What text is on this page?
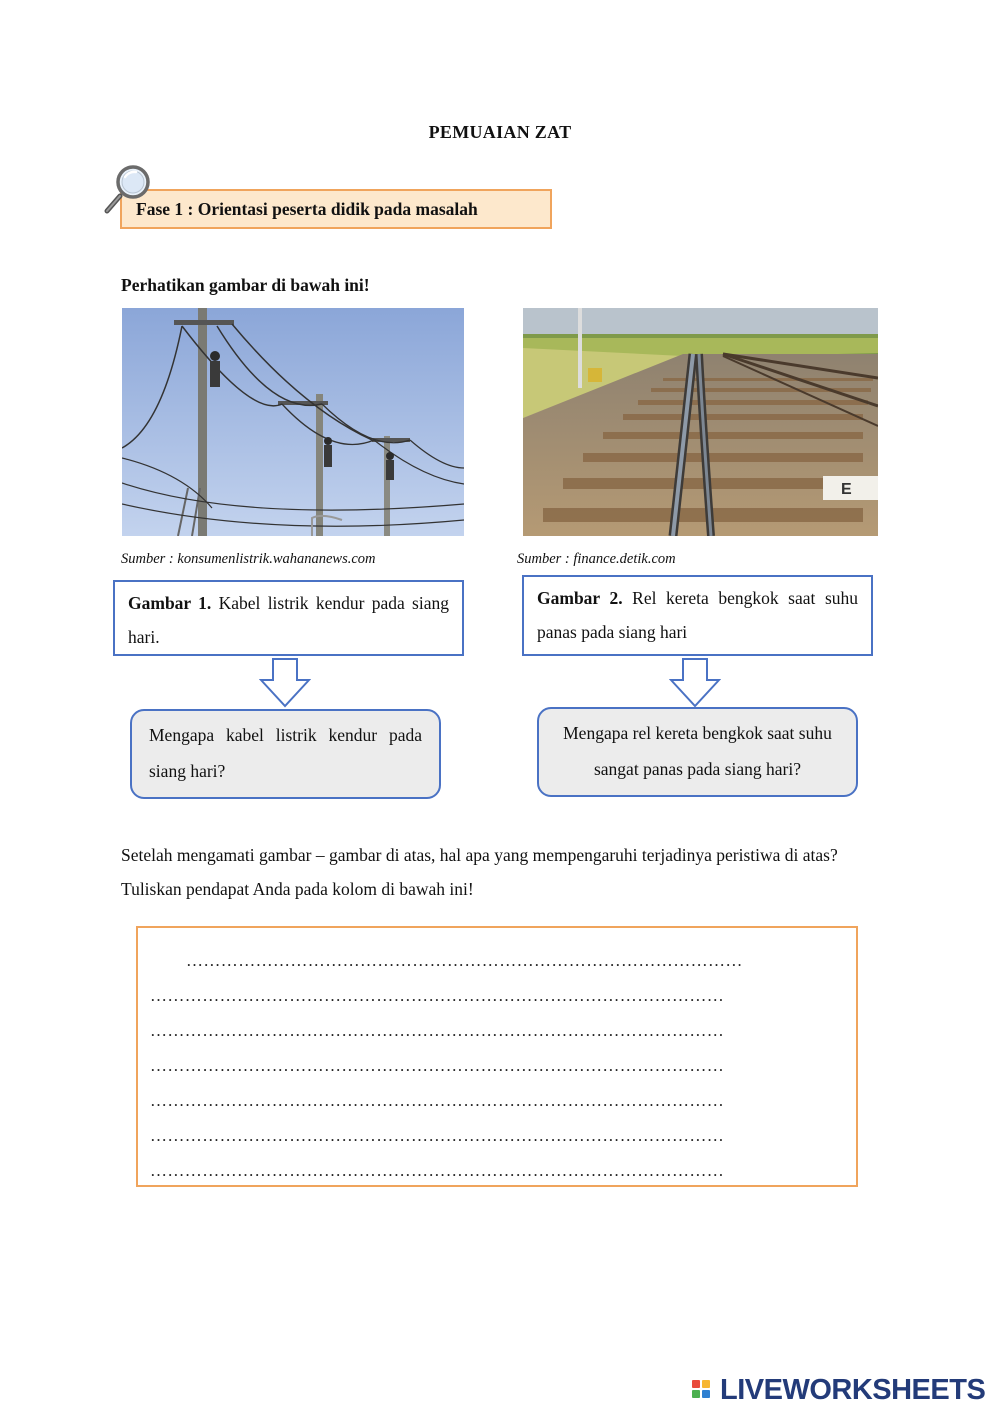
PEMUAIAN ZAT
Fase 1 : Orientasi peserta didik pada masalah
Perhatikan gambar di bawah ini!
E
Sumber : konsumenlistrik.wahananews.com	Sumber : finance.detik.com
Gambar 1. Kabel listrik kendur pada siang hari.
Gambar 2. Rel kereta bengkok saat suhu panas pada siang hari
Mengapa kabel listrik kendur pada siang hari?
Mengapa rel kereta bengkok saat suhu sangat panas pada siang hari?
Setelah mengamati gambar – gambar di atas, hal apa yang mempengaruhi terjadinya peristiwa di atas? Tuliskan pendapat Anda pada kolom di bawah ini!
……………………………………………………………………………………
………………………………………………………………………………………
………………………………………………………………………………………
………………………………………………………………………………………
………………………………………………………………………………………
………………………………………………………………………………………
………………………………………………………………………………………
LIVEWORKSHEETS
